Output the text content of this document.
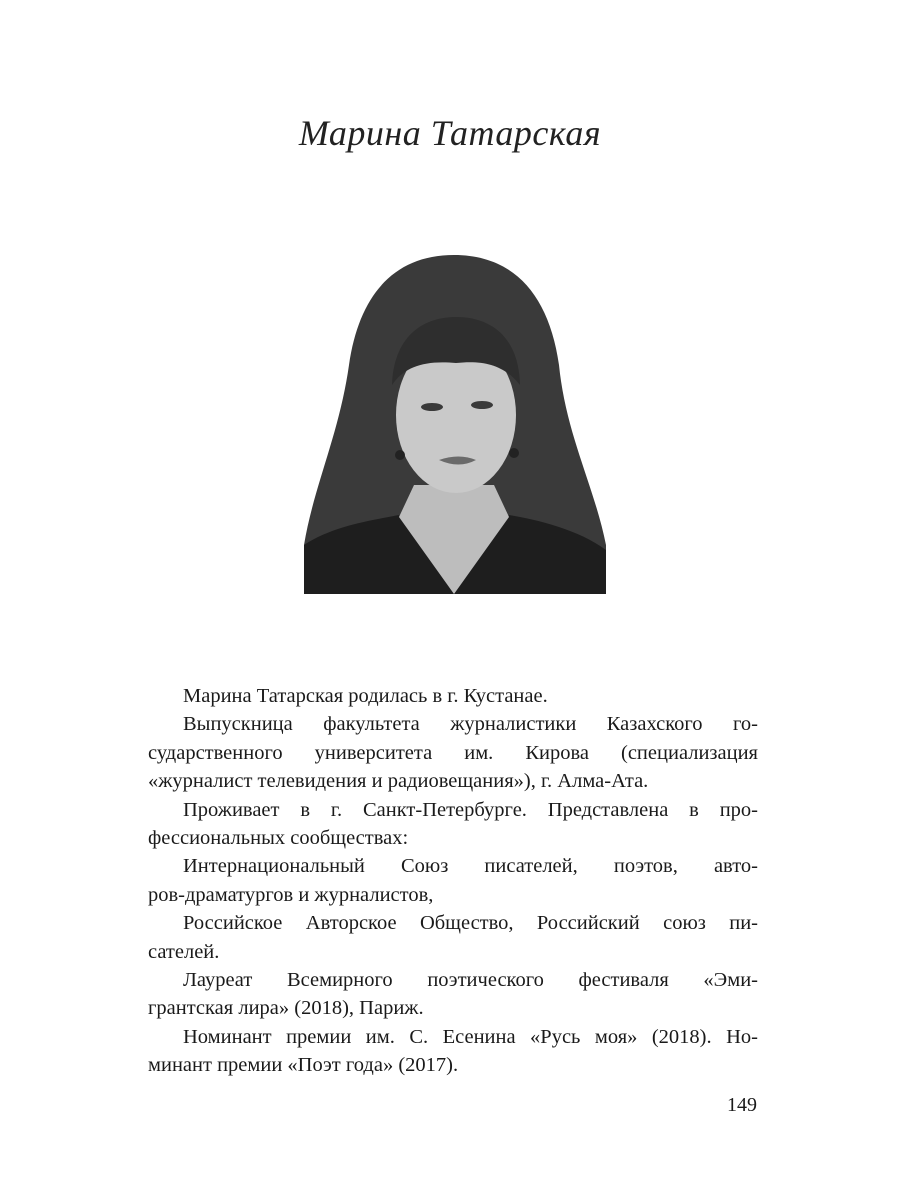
Марина Татарская
Марина Татарская родилась в г. Кустанае.
Выпускница факультета журналистики Казахского го-
сударственного университета им. Кирова (специализация
«журналист телевидения и радиовещания»), г. Алма-Ата.
Проживает в г. Санкт-Петербурге. Представлена в про-
фессиональных сообществах:
Интернациональный Союз писателей, поэтов, авто-
ров-драматургов и журналистов,
Российское Авторское Общество, Российский союз пи-
сателей.
Лауреат Всемирного поэтического фестиваля «Эми-
грантская лира» (2018), Париж.
Номинант премии им. С. Есенина «Русь моя» (2018). Но-
минант премии «Поэт года» (2017).
149
